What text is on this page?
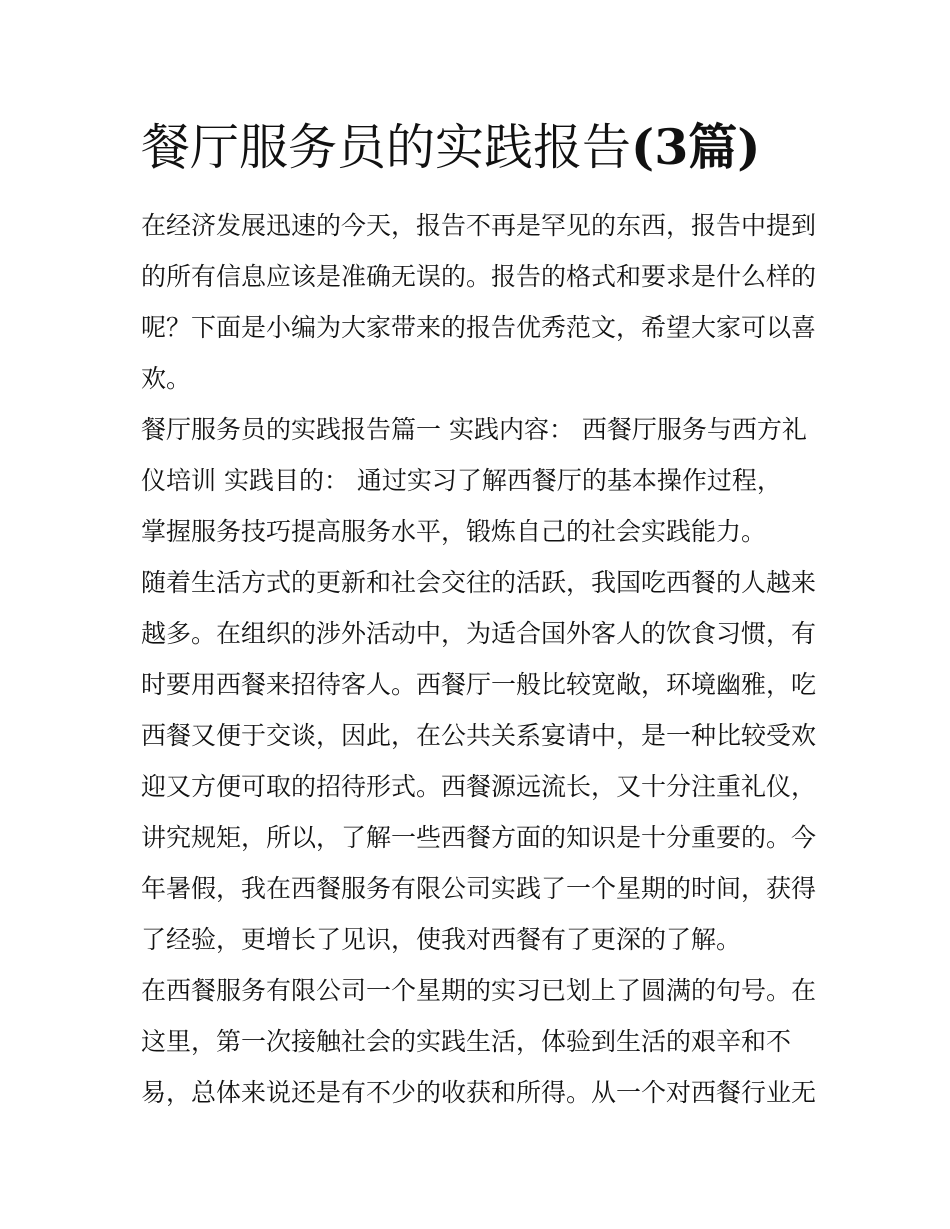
餐厅服务员的实践报告(3篇)

在经济发展迅速的今天，报告不再是罕见的东西，报告中提到

的所有信息应该是准确无误的。报告的格式和要求是什么样的

呢？下面是小编为大家带来的报告优秀范文，希望大家可以喜

欢。

餐厅服务员的实践报告篇一 实践内容： 西餐厅服务与西方礼

仪培训 实践目的： 通过实习了解西餐厅的基本操作过程，

掌握服务技巧提高服务水平，锻炼自己的社会实践能力。

随着生活方式的更新和社会交往的活跃，我国吃西餐的人越来

越多。在组织的涉外活动中，为适合国外客人的饮食习惯，有

时要用西餐来招待客人。西餐厅一般比较宽敞，环境幽雅，吃

西餐又便于交谈，因此，在公共关系宴请中，是一种比较受欢

迎又方便可取的招待形式。西餐源远流长，又十分注重礼仪，

讲究规矩，所以，了解一些西餐方面的知识是十分重要的。今

年暑假，我在西餐服务有限公司实践了一个星期的时间，获得

了经验，更增长了见识，使我对西餐有了更深的了解。

在西餐服务有限公司一个星期的实习已划上了圆满的句号。在

这里，第一次接触社会的实践生活，体验到生活的艰辛和不

易，总体来说还是有不少的收获和所得。从一个对西餐行业无
